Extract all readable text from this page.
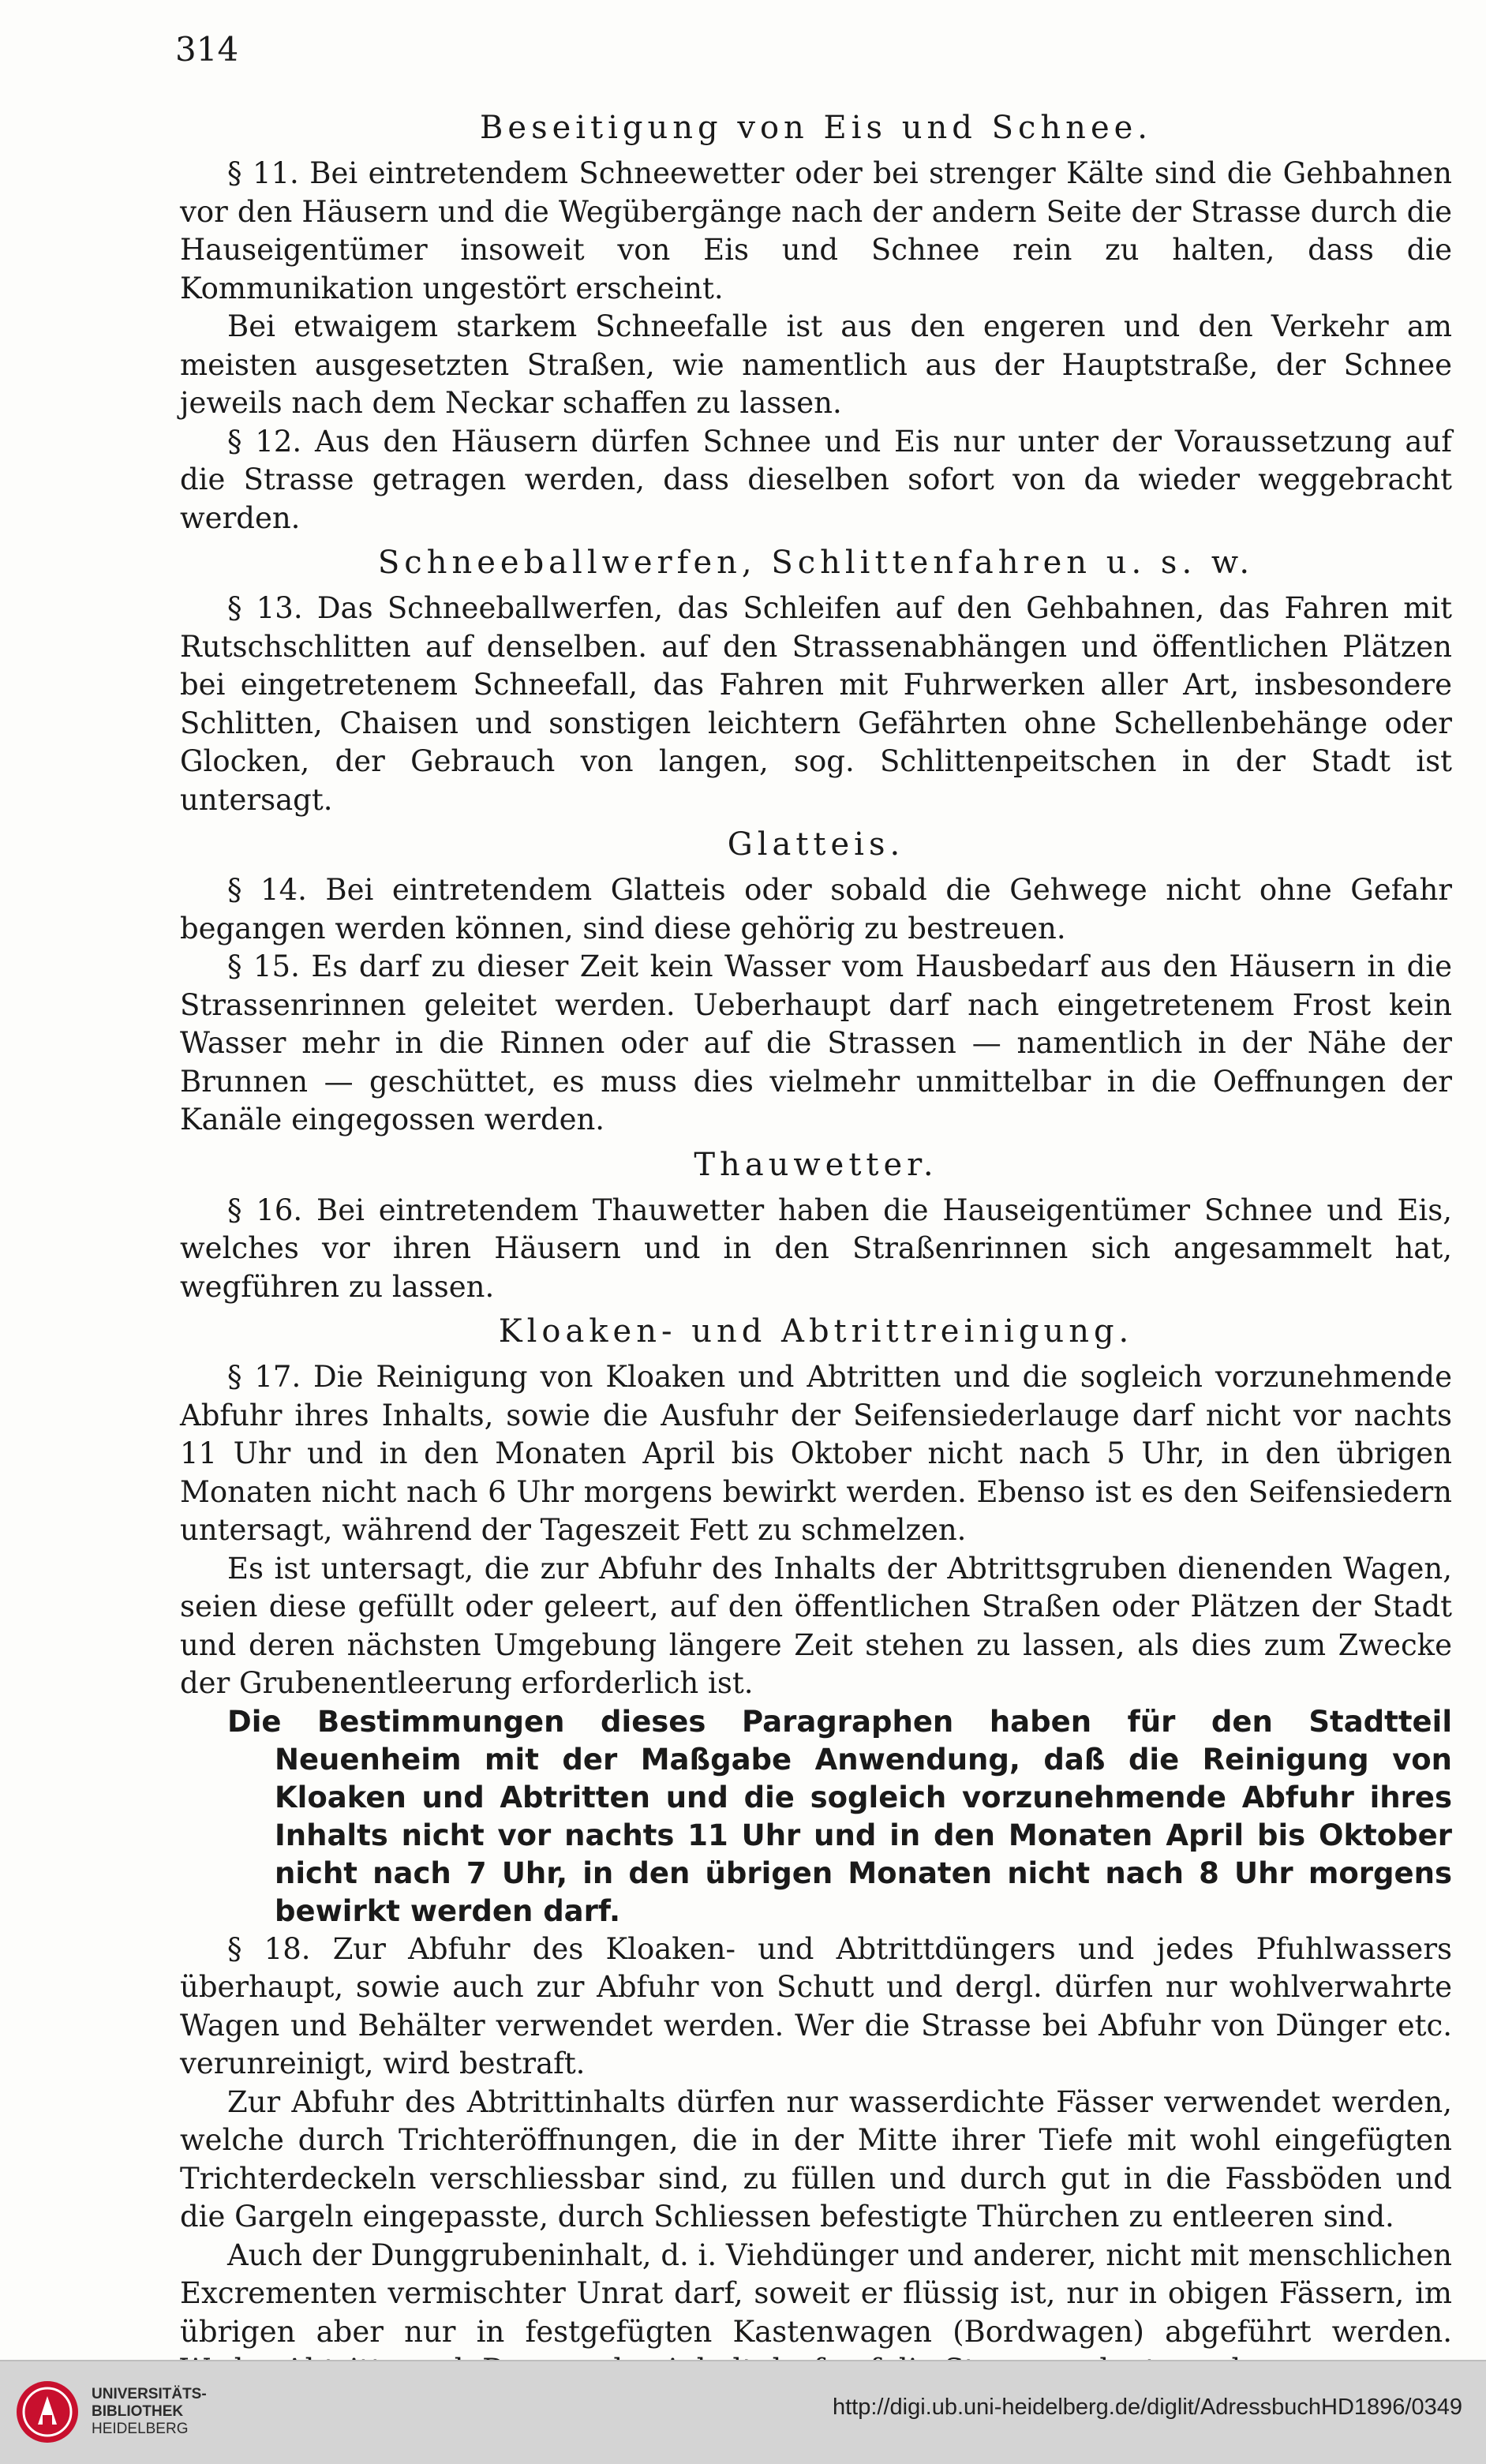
314
Beseitigung von Eis und Schnee.

§ 11. Bei eintretendem Schneewetter oder bei strenger Kälte sind die Gehbahnen vor den Häusern und die Wegübergänge nach der andern Seite der Strasse durch die Hauseigentümer insoweit von Eis und Schnee rein zu halten, dass die Kommunikation ungestört erscheint.

Bei etwaigem starkem Schneefalle ist aus den engeren und den Verkehr am meisten ausgesetzten Straßen, wie namentlich aus der Hauptstraße, der Schnee jeweils nach dem Neckar schaffen zu lassen.

§ 12. Aus den Häusern dürfen Schnee und Eis nur unter der Voraussetzung auf die Strasse getragen werden, dass dieselben sofort von da wieder weggebracht werden.

Schneeballwerfen, Schlittenfahren u. s. w.

§ 13. Das Schneeballwerfen, das Schleifen auf den Gehbahnen, das Fahren mit Rutschschlitten auf denselben. auf den Strassenabhängen und öffentlichen Plätzen bei eingetretenem Schneefall, das Fahren mit Fuhrwerken aller Art, insbesondere Schlitten, Chaisen und sonstigen leichtern Gefährten ohne Schellenbehänge oder Glocken, der Gebrauch von langen, sog. Schlittenpeitschen in der Stadt ist untersagt.

Glatteis.

§ 14. Bei eintretendem Glatteis oder sobald die Gehwege nicht ohne Gefahr begangen werden können, sind diese gehörig zu bestreuen.

§ 15. Es darf zu dieser Zeit kein Wasser vom Hausbedarf aus den Häusern in die Strassenrinnen geleitet werden. Ueberhaupt darf nach eingetretenem Frost kein Wasser mehr in die Rinnen oder auf die Strassen — namentlich in der Nähe der Brunnen — geschüttet, es muss dies vielmehr unmittelbar in die Oeffnungen der Kanäle eingegossen werden.

Thauwetter.

§ 16. Bei eintretendem Thauwetter haben die Hauseigentümer Schnee und Eis, welches vor ihren Häusern und in den Straßenrinnen sich angesammelt hat, wegführen zu lassen.

Kloaken- und Abtrittreinigung.

§ 17. Die Reinigung von Kloaken und Abtritten und die sogleich vorzunehmende Abfuhr ihres Inhalts, sowie die Ausfuhr der Seifensiederlauge darf nicht vor nachts 11 Uhr und in den Monaten April bis Oktober nicht nach 5 Uhr, in den übrigen Monaten nicht nach 6 Uhr morgens bewirkt werden. Ebenso ist es den Seifensiedern untersagt, während der Tageszeit Fett zu schmelzen.

Es ist untersagt, die zur Abfuhr des Inhalts der Abtrittsgruben dienenden Wagen, seien diese gefüllt oder geleert, auf den öffentlichen Straßen oder Plätzen der Stadt und deren nächsten Umgebung längere Zeit stehen zu lassen, als dies zum Zwecke der Grubenentleerung erforderlich ist.

Die Bestimmungen dieses Paragraphen haben für den Stadtteil Neuenheim mit der Maßgabe Anwendung, daß die Reinigung von Kloaken und Abtritten und die sogleich vorzunehmende Abfuhr ihres Inhalts nicht vor nachts 11 Uhr und in den Monaten April bis Oktober nicht nach 7 Uhr, in den übrigen Monaten nicht nach 8 Uhr morgens bewirkt werden darf.

§ 18. Zur Abfuhr des Kloaken- und Abtrittdüngers und jedes Pfuhlwassers überhaupt, sowie auch zur Abfuhr von Schutt und dergl. dürfen nur wohlverwahrte Wagen und Behälter verwendet werden. Wer die Strasse bei Abfuhr von Dünger etc. verunreinigt, wird bestraft.

Zur Abfuhr des Abtrittinhalts dürfen nur wasserdichte Fässer verwendet werden, welche durch Trichteröffnungen, die in der Mitte ihrer Tiefe mit wohl eingefügten Trichterdeckeln verschliessbar sind, zu füllen und durch gut in die Fassböden und die Gargeln eingepasste, durch Schliessen befestigte Thürchen zu entleeren sind.

Auch der Dunggrubeninhalt, d. i. Viehdünger und anderer, nicht mit menschlichen Excrementen vermischter Unrat darf, soweit er flüssig ist, nur in obigen Fässern, im übrigen aber nur in festgefügten Kastenwagen (Bordwagen) abgeführt werden.

UNIVERSITÄTS-
BIBLIOTHEK
HEIDELBERG
http://digi.ub.uni-heidelberg.de/diglit/AdressbuchHD1896/0349
